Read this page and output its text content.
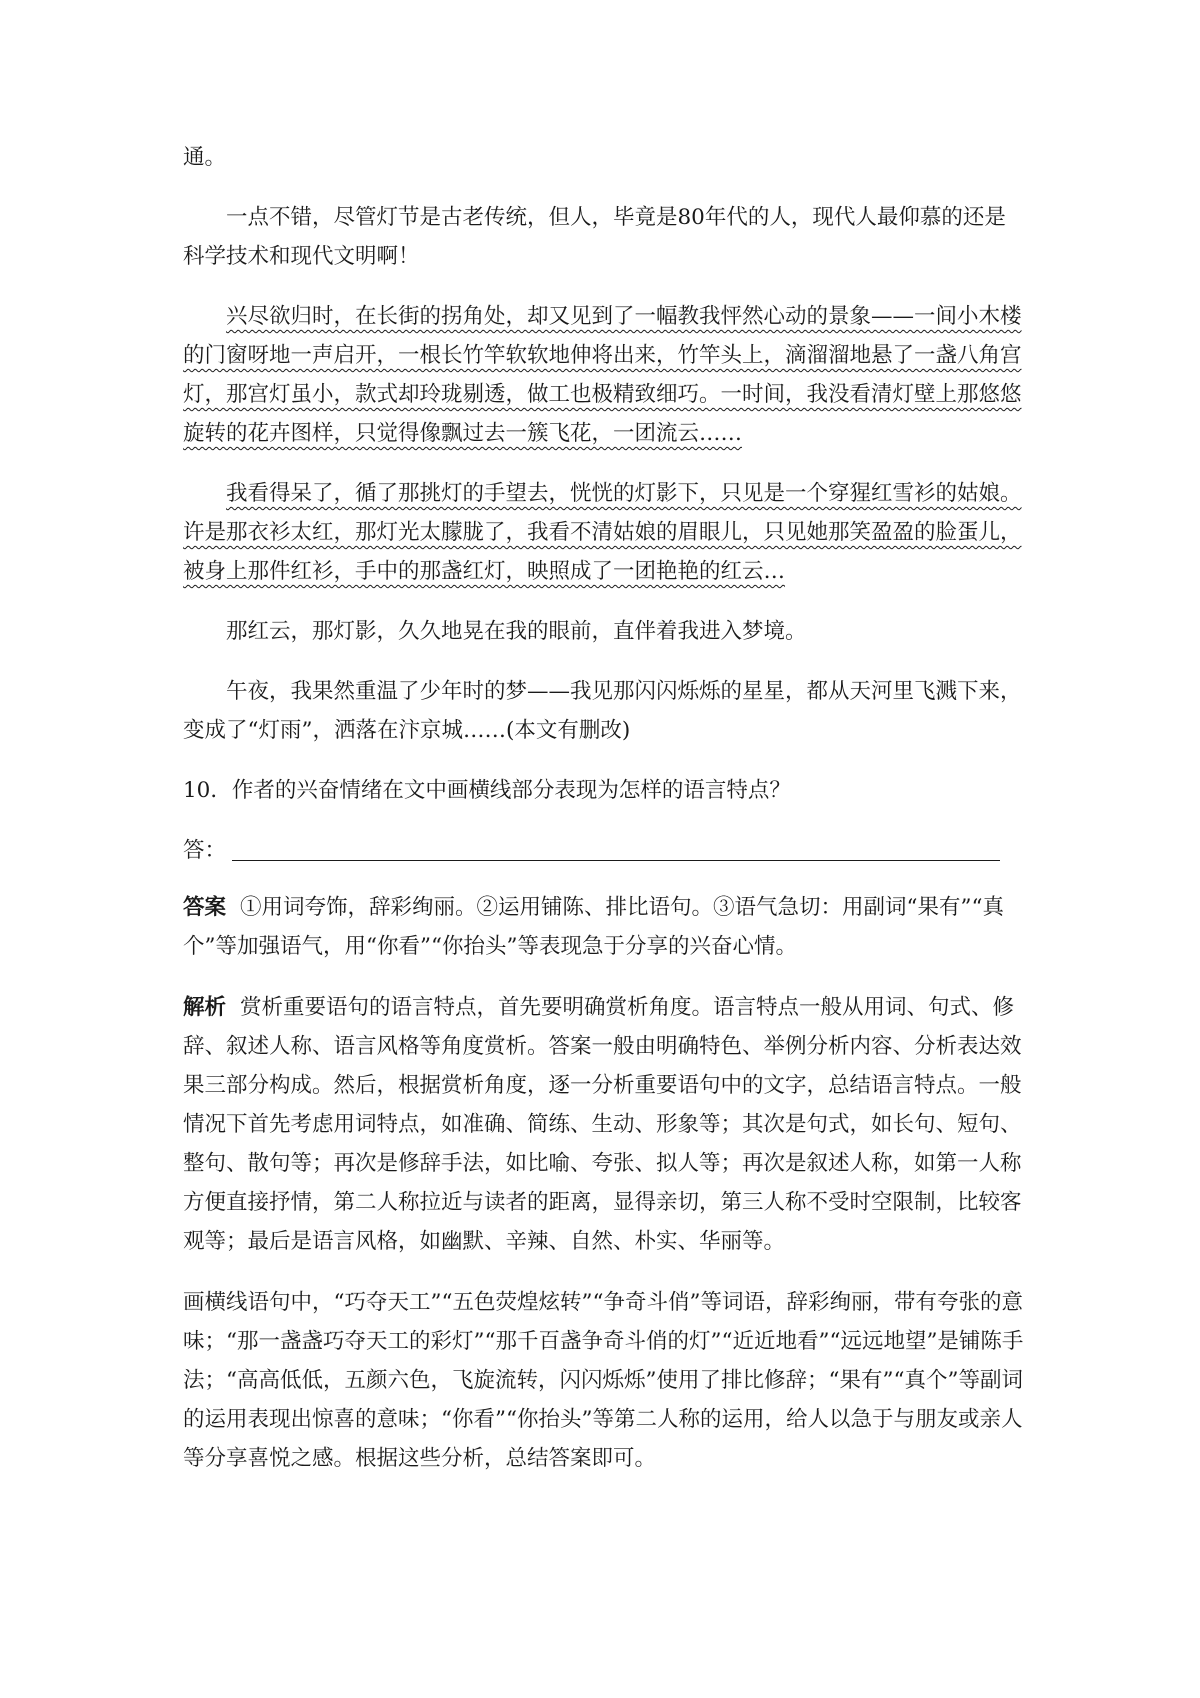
通。

一点不错，尽管灯节是古老传统，但人，毕竟是80年代的人，现代人最仰慕的还是科学技术和现代文明啊！

兴尽欲归时，在长街的拐角处，却又见到了一幅教我怦然心动的景象——一间小木楼的门窗呀地一声启开，一根长竹竿软软地伸将出来，竹竿头上，滴溜溜地悬了一盏八角宫灯，那宫灯虽小，款式却玲珑剔透，做工也极精致细巧。一时间，我没看清灯壁上那悠悠旋转的花卉图样，只觉得像飘过去一簇飞花，一团流云……

我看得呆了，循了那挑灯的手望去，恍恍的灯影下，只见是一个穿猩红雪衫的姑娘。许是那衣衫太红，那灯光太朦胧了，我看不清姑娘的眉眼儿，只见她那笑盈盈的脸蛋儿，被身上那件红衫，手中的那盏红灯，映照成了一团艳艳的红云…

那红云，那灯影，久久地晃在我的眼前，直伴着我进入梦境。

午夜，我果然重温了少年时的梦——我见那闪闪烁烁的星星，都从天河里飞溅下来，变成了“灯雨”，洒落在汴京城……(本文有删改)

10．作者的兴奋情绪在文中画横线部分表现为怎样的语言特点？

答：

答案 ①用词夸饰，辞彩绚丽。②运用铺陈、排比语句。③语气急切：用副词“果有”“真个”等加强语气，用“你看”“你抬头”等表现急于分享的兴奋心情。

解析 赏析重要语句的语言特点，首先要明确赏析角度。语言特点一般从用词、句式、修辞、叙述人称、语言风格等角度赏析。答案一般由明确特色、举例分析内容、分析表达效果三部分构成。然后，根据赏析角度，逐一分析重要语句中的文字，总结语言特点。一般情况下首先考虑用词特点，如准确、简练、生动、形象等；其次是句式，如长句、短句、整句、散句等；再次是修辞手法，如比喻、夸张、拟人等；再次是叙述人称，如第一人称方便直接抒情，第二人称拉近与读者的距离，显得亲切，第三人称不受时空限制，比较客观等；最后是语言风格，如幽默、辛辣、自然、朴实、华丽等。

画横线语句中，“巧夺天工”“五色荧煌炫转”“争奇斗俏”等词语，辞彩绚丽，带有夸张的意味；“那一盏盏巧夺天工的彩灯”“那千百盏争奇斗俏的灯”“近近地看”“远远地望”是铺陈手法；“高高低低，五颜六色，飞旋流转，闪闪烁烁”使用了排比修辞；“果有”“真个”等副词的运用表现出惊喜的意味；“你看”“你抬头”等第二人称的运用，给人以急于与朋友或亲人等分享喜悦之感。根据这些分析，总结答案即可。
